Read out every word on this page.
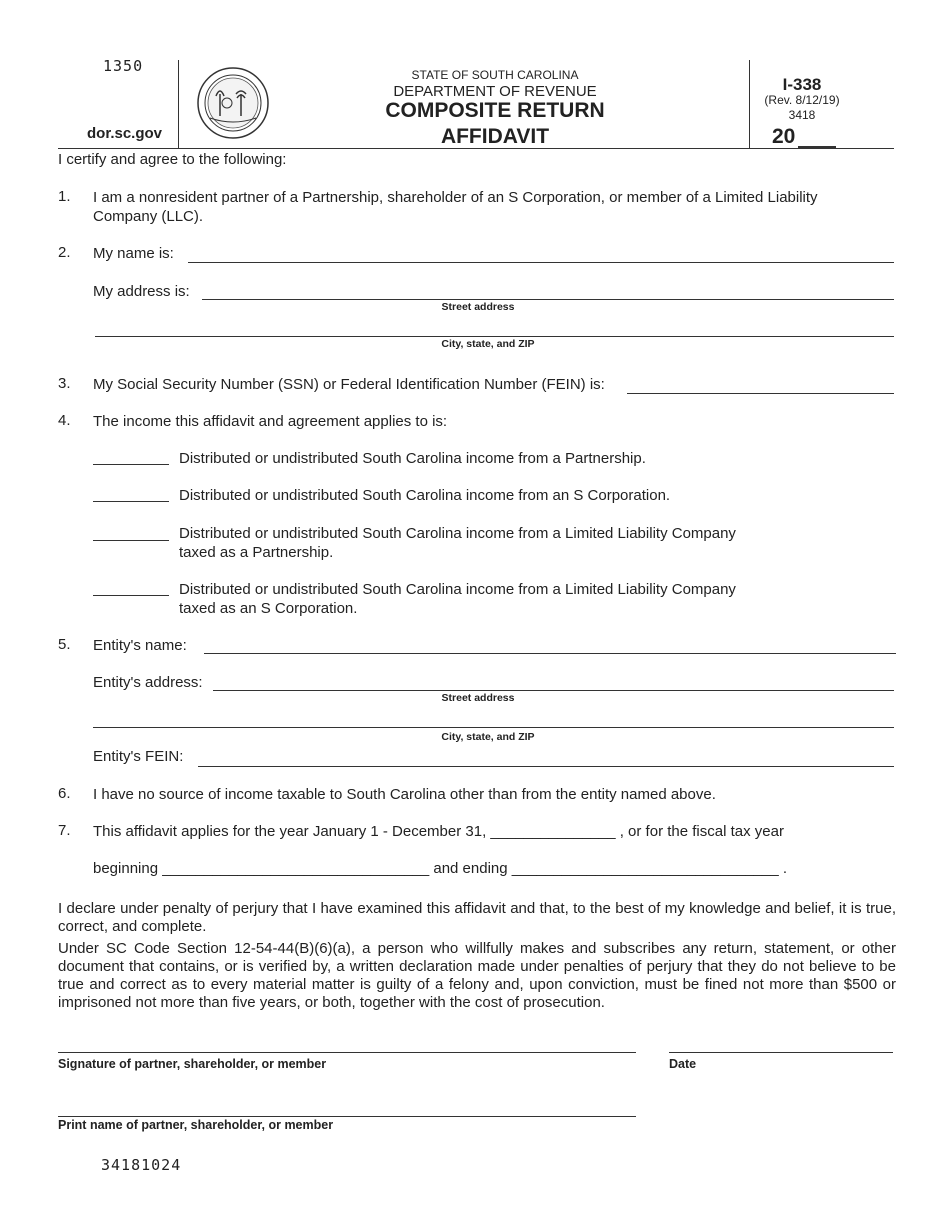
1350
dor.sc.gov
STATE OF SOUTH CAROLINA
DEPARTMENT OF REVENUE
COMPOSITE RETURN
AFFIDAVIT
I-338
(Rev. 8/12/19)
3418
20
I certify and agree to the following:
1. I am a nonresident partner of a Partnership, shareholder of an S Corporation, or member of a Limited Liability Company (LLC).
2. My name is:
My address is:
Street address
City, state, and ZIP
3. My Social Security Number (SSN) or Federal Identification Number (FEIN) is:
4. The income this affidavit and agreement applies to is:
Distributed or undistributed South Carolina income from a Partnership.
Distributed or undistributed South Carolina income from an S Corporation.
Distributed or undistributed South Carolina income from a Limited Liability Company taxed as a Partnership.
Distributed or undistributed South Carolina income from a Limited Liability Company taxed as an S Corporation.
5. Entity's name:
Entity's address:
Street address
City, state, and ZIP
Entity's FEIN:
6. I have no source of income taxable to South Carolina other than from the entity named above.
7. This affidavit applies for the year January 1 - December 31, _______________ , or for the fiscal tax year
beginning ________________________________ and ending ________________________________ .
I declare under penalty of perjury that I have examined this affidavit and that, to the best of my knowledge and belief, it is true, correct, and complete.
Under SC Code Section 12-54-44(B)(6)(a), a person who willfully makes and subscribes any return, statement, or other document that contains, or is verified by, a written declaration made under penalties of perjury that they do not believe to be true and correct as to every material matter is guilty of a felony and, upon conviction, must be fined not more than $500 or imprisoned not more than five years, or both, together with the cost of prosecution.
Signature of partner, shareholder, or member	Date
Print name of partner, shareholder, or member
34181024
